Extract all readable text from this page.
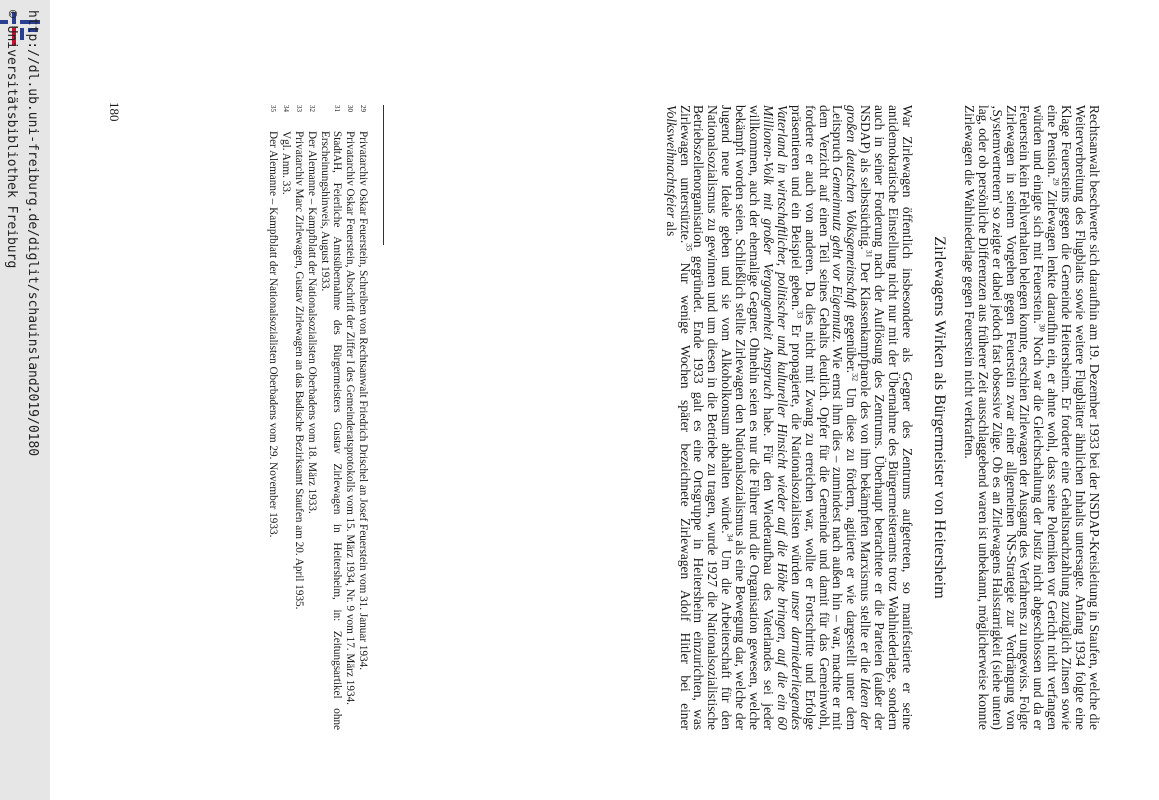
http://dl.ub.uni-freiburg.de/diglit/schauinsland2019/0180
© Universitätsbibliothek Freiburg	Rechtsanwalt beschwerte sich daraufhin am 19. Dezember 1933 bei der NSDAP-Kreisleitung in Staufen, welche die Weiterverbreitung des Flugblatts sowie weitere Flugblätter ähnlichen Inhalts untersagte. Anfang 1934 folgte eine Klage Feuersteins gegen die Gemeinde Heitersheim. Er forderte eine Gehaltsnachzahlung zuzüglich Zinsen sowie eine Pension.$^{29}$ Zirlewagen lenkte daraufhin ein, er ahnte wohl, dass seine Polemiken vor Gericht nicht verfangen würden und einigte sich mit Feuerstein.$^{30}$ Noch war die Gleichschaltung der Justiz nicht abgeschlossen und da er Feuerstein kein Fehlverhalten belegen konnte, erschien Zirlewagen der Ausgang des Verfahrens zu ungewiss. Folgte Zirlewagen in seinem Vorgehen gegen Feuerstein zwar einer allgemeinen NS-Strategie zur Verdrängung von ‚Systemvertretern' so zeigte er dabei jedoch fast obsessive Züge. Ob es an Zirlewagens Halsstarrigkeit (siehe unten) lag, oder ob persönliche Differenzen aus früherer Zeit ausschlaggebend waren ist unbekannt, möglicherweise konnte Zirlewagen die Wahlniederlage gegen Feuerstein nicht verkraften.

Zirlewagens Wirken als Bürgermeister von Heitersheim

War Zirlewagen öffentlich insbesondere als Gegner des Zentrums aufgetreten, so manifestierte er seine antidemokratische Einstellung nicht nur mit der Übernahme des Bürgermeisteramts trotz Wahlniederlage, sondern auch in seiner Forderung nach der Auflösung des Zentrums. Überhaupt betrachtete er die Parteien (außer der NSDAP) als selbstsüchtig.$^{31}$ Der Klassenkampfparole des von ihm bekämpften Marxismus stellte er die Ideen der großen deutschen Volksgemeinschaft gegenüber.$^{32}$ Um diese zu fördern, agitierte er wie dargestellt unter dem Leitspruch Gemeinnutz geht vor Eigennutz. Wie ernst ihm dies – zumindest nach außen hin – war, machte er mit dem Verzicht auf einen Teil seines Gehalts deutlich. Opfer für die Gemeinde und damit für das Gemeinwohl, forderte er auch von anderen. Da dies nicht mit Zwang zu erreichen war, wollte er Fortschritte und Erfolge präsentieren und ein Beispiel geben.$^{33}$ Er propagierte, die Nationalsozialisten würden unser darniederliegendes Vaterland in wirtschaftlicher, politischer und kultureller Hinsicht wieder auf die Höhe bringen, auf die ein 60 Millionen-Volk mit großer Vergangenheit Anspruch habe. Für den Wiederaufbau des Vaterlandes sei jeder willkommen, auch der ehemalige Gegner. Ohnehin seien es nur die Führer und die Organisation gewesen, welche bekämpft worden seien. Schließlich stellte Zirlewagen den Nationalsozialismus als eine Bewegung dar, welche der Jugend neue Ideale geben und sie vom Alkoholkonsum abhalten würde.$^{34}$ Um die Arbeiterschaft für den Nationalsozialismus zu gewinnen und um diesen in die Betriebe zu tragen, wurde 1927 die Nationalsozialistische Betriebszellenorganisation gegründet. Ende 1933 galt es eine Ortsgruppe in Heitersheim einzurichten, was Zirlewagen unterstützte.$^{35}$ Nur wenige Wochen später bezeichnete Zirlewagen Adolf Hitler bei einer Volksweihnachtsfeier als

29
Privatarchiv Oskar Feuerstein, Schreiben von Rechtsanwalt Friedrich Drischel an Josef Feuerstein vom 31. Januar 1934.
30
Privatarchiv Oskar Feuerstein, Abschrift der Ziffer I des Gemeinderatsprotokolls vom 15. März 1934, Nr. 9 vom 17. März 1934.
31
StadtAH, Feierliche Amtsübernahme des Bürgermeisters Gustav Zirlewagen in Heitersheim, in: Zeitungsartikel ohne Erscheinungshinweis, August 1933.
32
Der Alemanne – Kampfblatt der Nationalsozialisten Oberbadens vom 18. März 1933.
33
Privatarchiv Marc Zirlewagen, Gustav Zirlewagen an das Badische Bezirksamt Staufen am 20. April 1935.
34
Vgl. Anm. 33.
35
Der Alemanne – Kampfblatt der Nationalsozialisten Oberbadens vom 29. November 1933.
180
